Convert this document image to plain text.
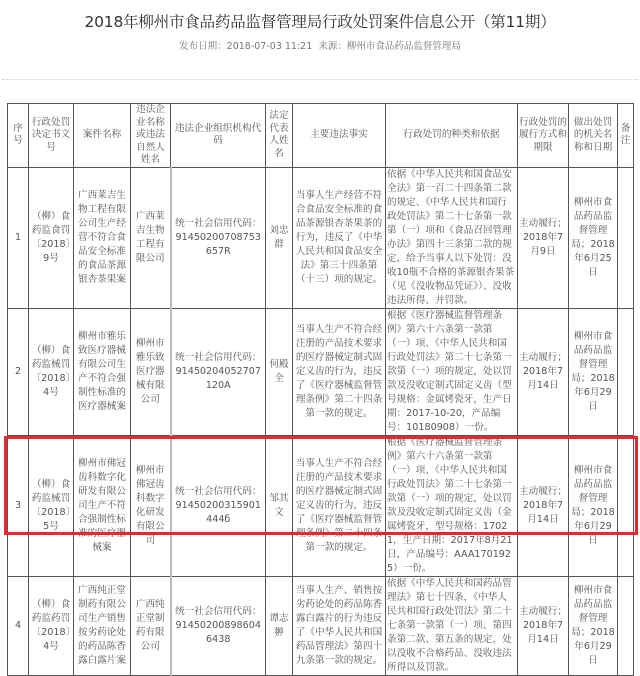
2018年柳州市食品药品监督管理局行政处罚案件信息公开（第11期）
发布日期：2018-07-03 11:21 来源：柳州市食品药品监督管理局
序号	行政处罚决定书文号	案件名称	违法企业名称或违法自然人姓名	违法企业组织机构代码	法定代表人姓名	主要违法事实	行政处罚的种类和依据	行政处罚的履行方式和期限	做出处罚的机关名称和日期	备注
1	（柳）食药监食罚〔2018〕9号	广西莱吉生物工程有限公司生产经营不符合食品安全标准的食品茶源银杏茶果案	广西莱吉生物工程有限公司	统一社会信用代码：91450200708753657R	刘忠群	当事人生产经营不符合食品安全标准的食品茶源银杏茶果茶的行为，违反了《中华人民共和国食品安全法》第三十四条第（十三）项的规定。	依据《中华人民共和国食品安全法》第一百二十四条第二款的规定、《中华人民共和国行政处罚法》第二十七条第一款第（一）项和《食品召回管理办法》第四十三条第二款的规定，给予当事人以下处罚：没收10瓶不合格的茶源银杏果茶（见《没收物品凭证》）、没收违法所得、并罚款。	主动履行；2018年7月9日	柳州市食品药品监督管理局；2018年6月25日	
2	（柳）食药监械罚〔2018〕4号	柳州市雅乐致医疗器械有限公司生产不符合强制性标准的医疗器械案	柳州市雅乐致医疗器械有限公司	统一社会信用代码：91450204052707120A	何殿全	当事人生产不符合经注册的产品技术要求的医疗器械定制式固定义齿的行为，违反了《医疗器械监督管理条例》第二十四条第一款的规定。	根据《医疗器械监督管理条例》第六十六条第一款第（一）项、《中华人民共和国行政处罚法》第二十七条第一款第（一）项的规定，处以罚款及没收定制式固定义齿（型号规格：金属烤瓷牙，生产日期：2017-10-20，产品编号：10180908）一份。	主动履行；2018年7月14日	柳州市食品药品监督管理局；2018年6月29日	
3	（柳）食药监械罚〔2018〕5号	柳州市佛冠齿科数字化研发有限公司生产不符合强制性标准的医疗器械案	柳州市佛冠齿科数字化研发有限公司	统一社会信用代码：91450200315901444б	邹其文	当事人生产不符合经注册的产品技术要求的医疗器械定制式固定义齿的行为，违反了《医疗器械监督管理条例》第二十四条第一款的规定。	根据《医疗器械监督管理条例》第六十六条第一款第（一）项、《中华人民共和国行政处罚法》第二十七条第一款第（一）项的规定，处以罚款及没收定制式固定义齿（金属烤瓷牙，型号规格：17021，生产日期：2017年8月21日，产品编号：AAA1701925）一份。	主动履行；2018年7月14日	柳州市食品药品监督管理局；2018年6月29日	
4	（柳）食药监药罚〔2018〕4号	广西纯正堂制药有限公司生产销售按劣药论处的药品陈香露白露片案	广西纯正堂制药有限公司	统一社会信用代码：914502008986046438	谭志翀	当事人生产、销售按劣药论处的药品陈香露白露片的行为违反了《中华人民共和国药品管理法》第四十九条第一款的规定。	依据《中华人民共和国药品管理法》第七十四条，《中华人民共和国行政处罚法》第二十七条第一款第（一）项、第四条第二款、第五条的规定，处以没收不合格药品、没收违法所得以及罚款。	主动履行；2018年7月14日	柳州市食品药品监督管理局；2018年6月29日	
